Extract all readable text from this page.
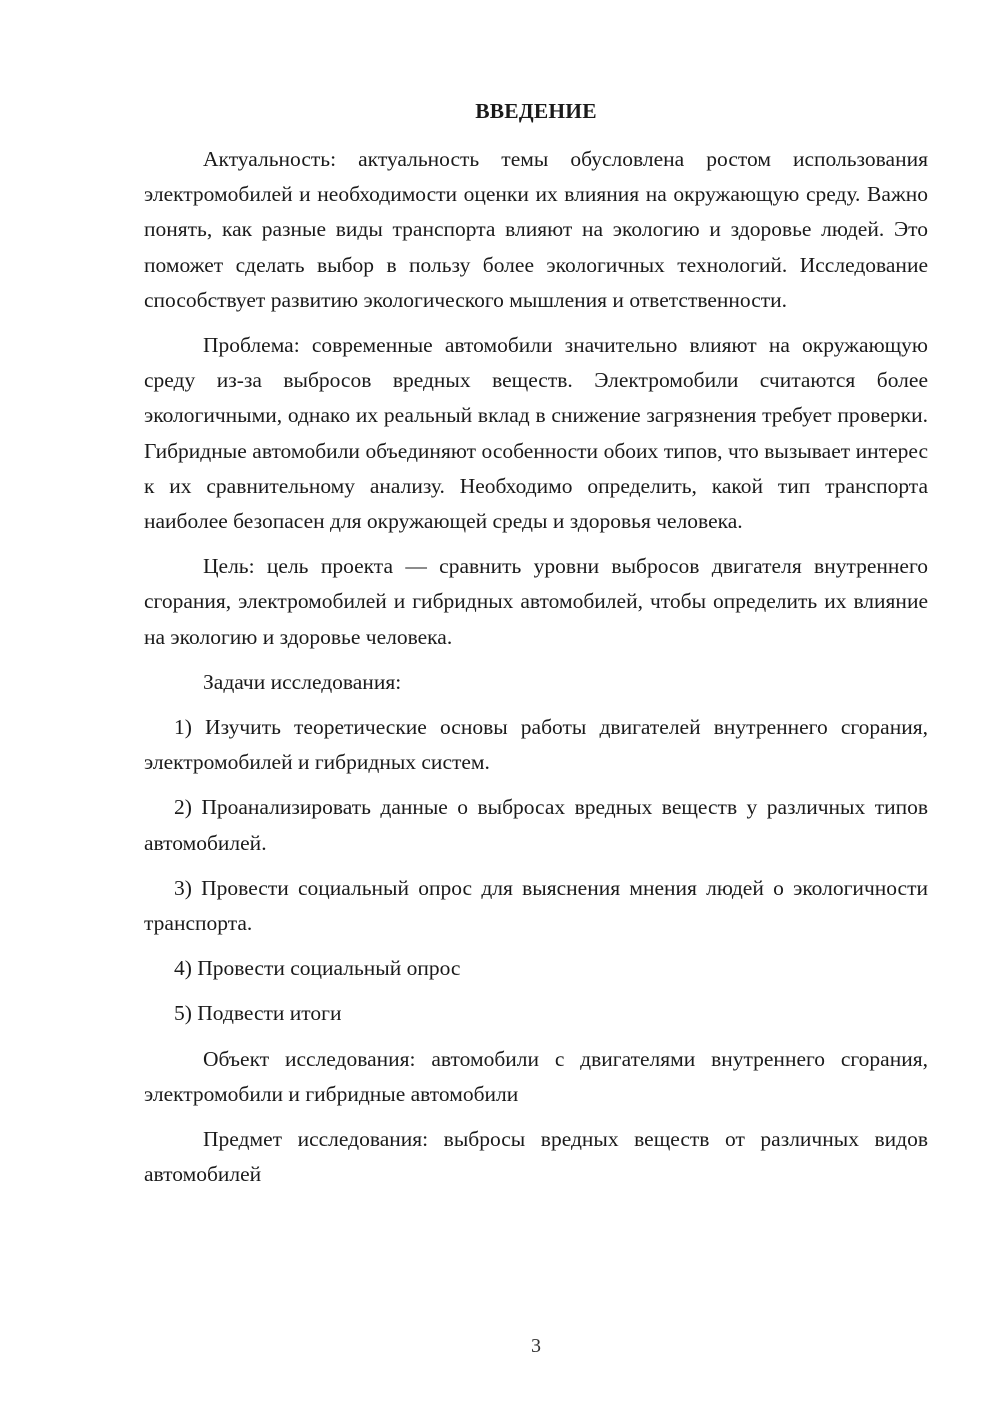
ВВЕДЕНИЕ

Актуальность: актуальность темы обусловлена ростом использования электромобилей и необходимости оценки их влияния на окружающую среду. Важно понять, как разные виды транспорта влияют на экологию и здоровье людей. Это поможет сделать выбор в пользу более экологичных технологий. Исследование способствует развитию экологического мышления и ответственности.

Проблема: современные автомобили значительно влияют на окружающую среду из-за выбросов вредных веществ. Электромобили считаются более экологичными, однако их реальный вклад в снижение загрязнения требует проверки. Гибридные автомобили объединяют особенности обоих типов, что вызывает интерес к их сравнительному анализу. Необходимо определить, какой тип транспорта наиболее безопасен для окружающей среды и здоровья человека.

Цель: цель проекта — сравнить уровни выбросов двигателя внутреннего сгорания, электромобилей и гибридных автомобилей, чтобы определить их влияние на экологию и здоровье человека.

Задачи исследования:

1) Изучить теоретические основы работы двигателей внутреннего сгорания, электромобилей и гибридных систем.

2) Проанализировать данные о выбросах вредных веществ у различных типов автомобилей.

3) Провести социальный опрос для выяснения мнения людей о экологичности транспорта.

4) Провести социальный опрос

5) Подвести итоги

Объект исследования: автомобили с двигателями внутреннего сгорания, электромобили и гибридные автомобили

Предмет исследования: выбросы вредных веществ от различных видов автомобилей

3
